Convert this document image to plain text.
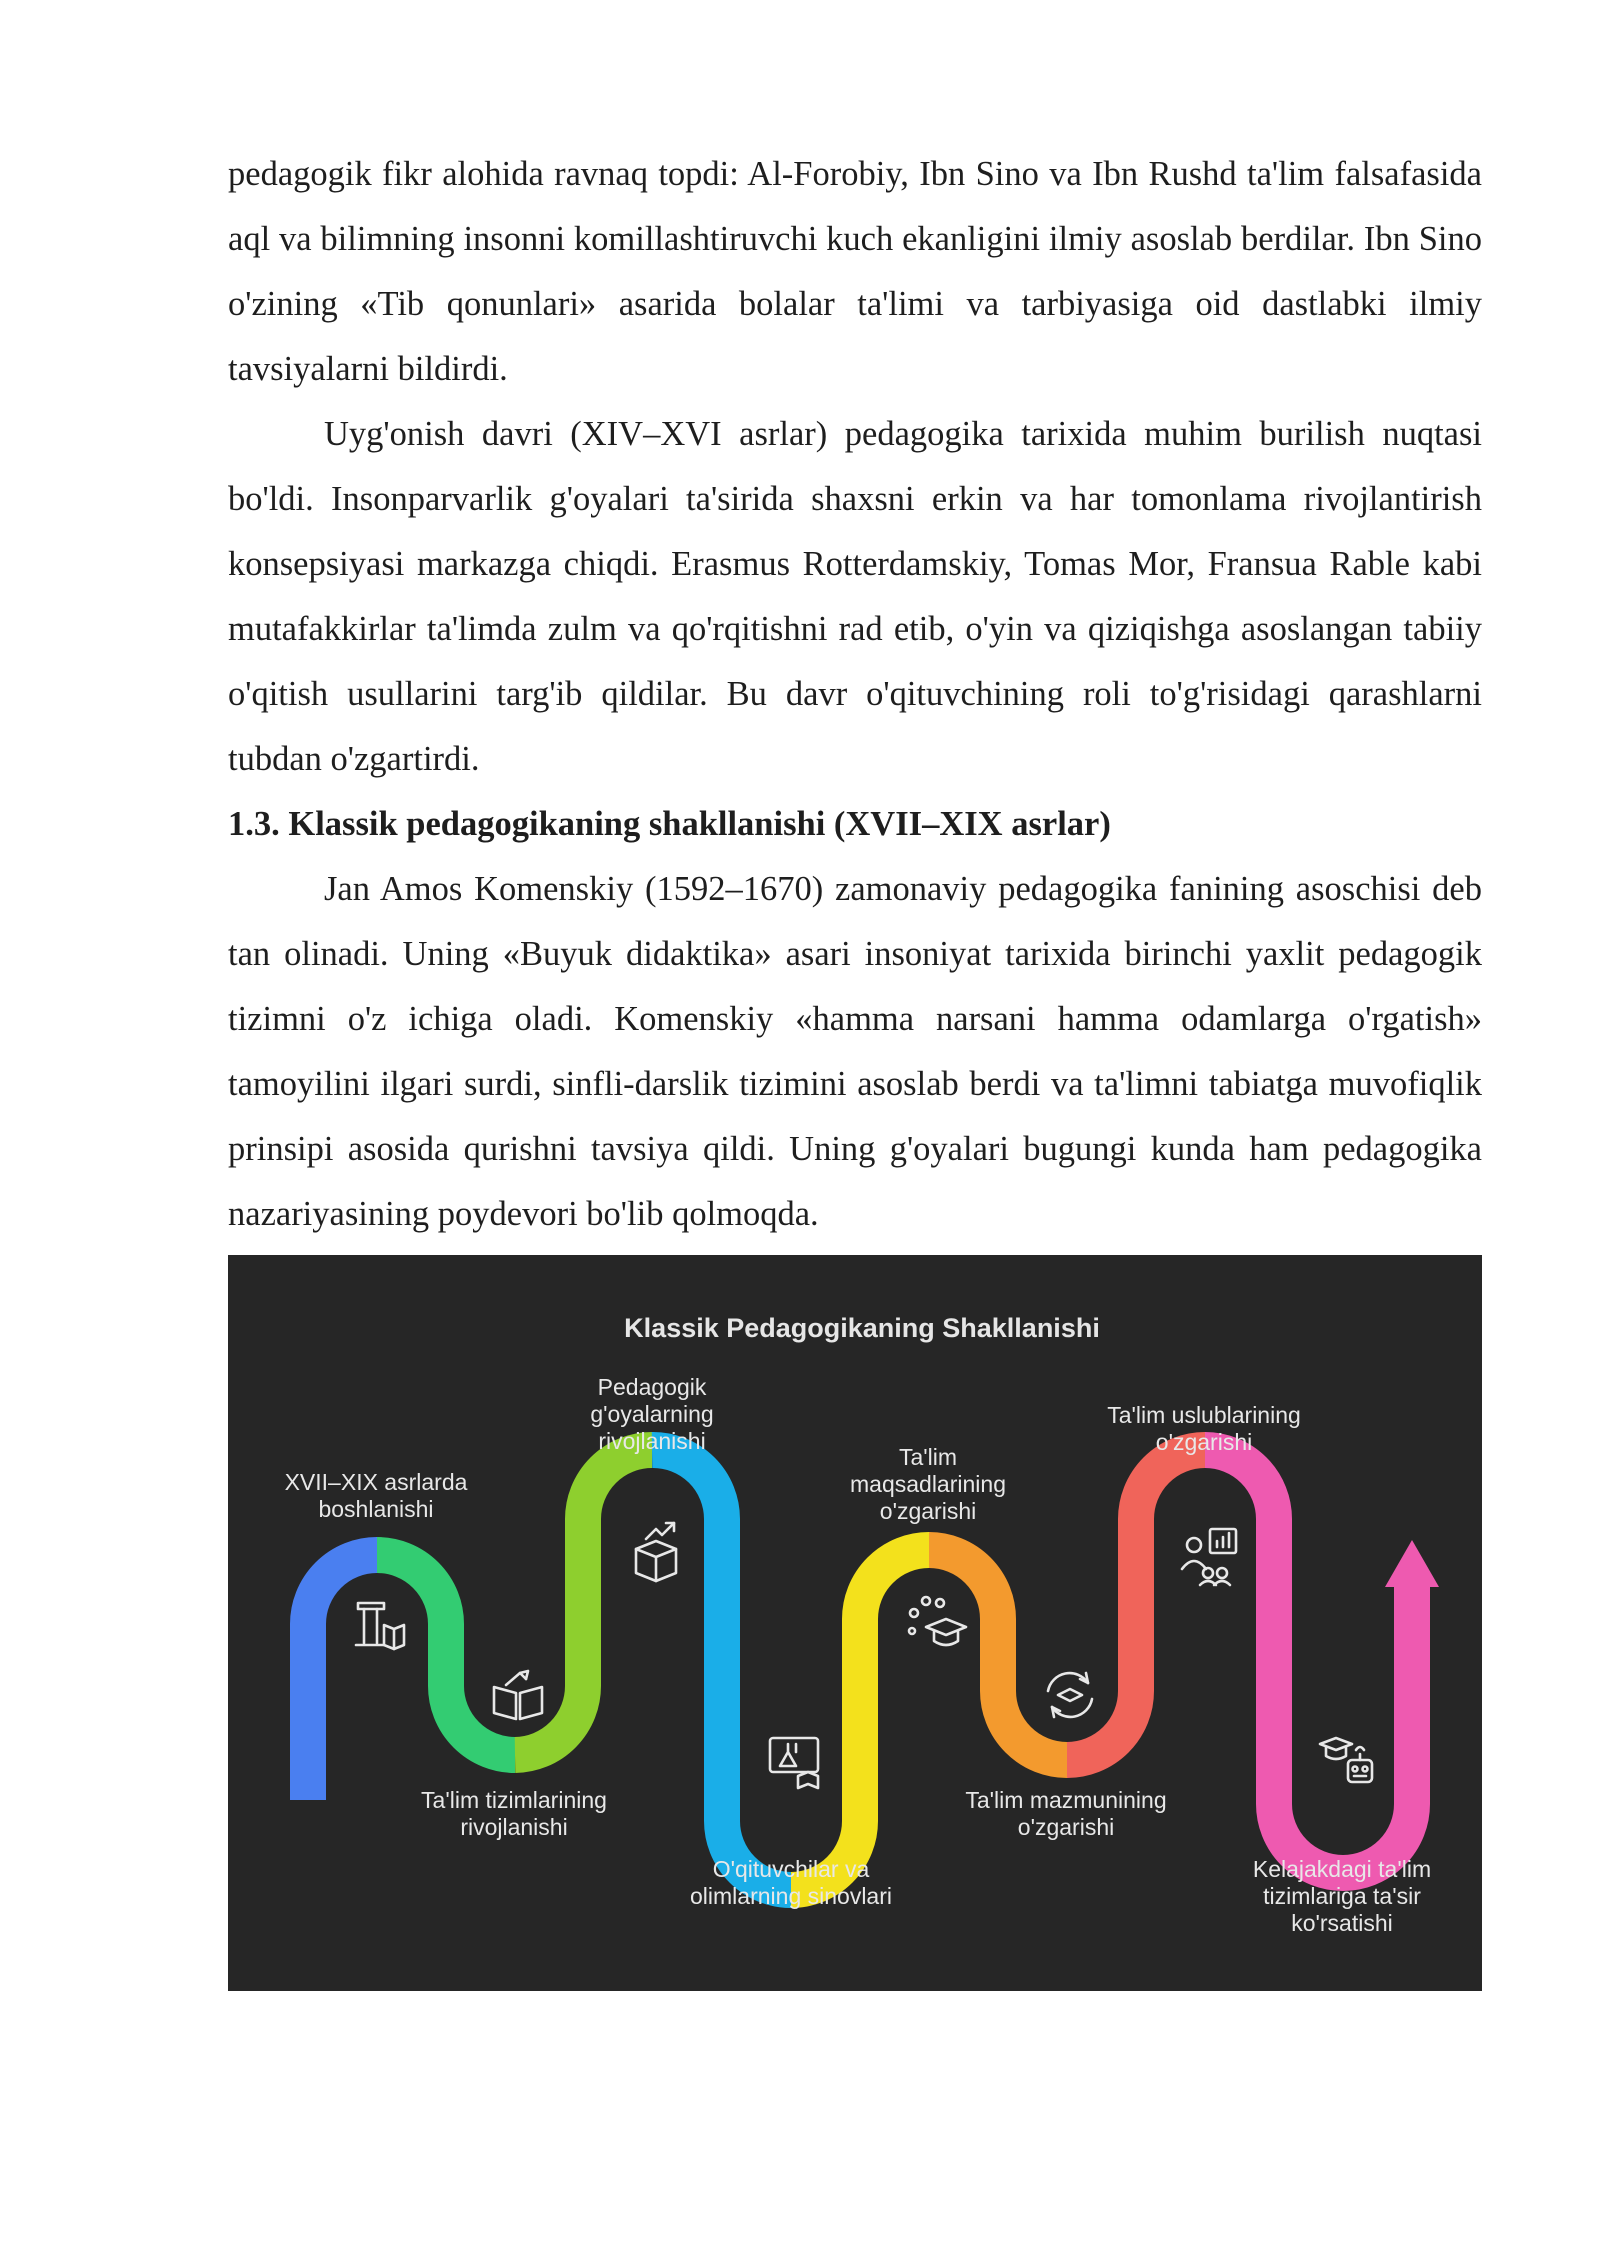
pedagogik fikr alohida ravnaq topdi: Al-Forobiy, Ibn Sino va Ibn Rushd ta'lim falsafasida aql va bilimning insonni komillashtiruvchi kuch ekanligini ilmiy asoslab berdilar. Ibn Sino o'zining «Tib qonunlari» asarida bolalar ta'limi va tarbiyasiga oid dastlabki ilmiy tavsiyalarni bildirdi.

Uyg'onish davri (XIV–XVI asrlar) pedagogika tarixida muhim burilish nuqtasi bo'ldi. Insonparvarlik g'oyalari ta'sirida shaxsni erkin va har tomonlama rivojlantirish konsepsiyasi markazga chiqdi. Erasmus Rotterdamskiy, Tomas Mor, Fransua Rable kabi mutafakkirlar ta'limda zulm va qo'rqitishni rad etib, o'yin va qiziqishga asoslangan tabiiy o'qitish usullarini targ'ib qildilar. Bu davr o'qituvchining roli to'g'risidagi qarashlarni tubdan o'zgartirdi.

1.3. Klassik pedagogikaning shakllanishi (XVII–XIX asrlar)

Jan Amos Komenskiy (1592–1670) zamonaviy pedagogika fanining asoschisi deb tan olinadi. Uning «Buyuk didaktika» asari insoniyat tarixida birinchi yaxlit pedagogik tizimni o'z ichiga oladi. Komenskiy «hamma narsani hamma odamlarga o'rgatish» tamoyilini ilgari surdi, sinfli-darslik tizimini asoslab berdi va ta'limni tabiatga muvofiqlik prinsipi asosida qurishni tavsiya qildi. Uning g'oyalari bugungi kunda ham pedagogika nazariyasining poydevori bo'lib qolmoqda.

Klassik Pedagogikaning Shakllanishi
XVII–XIX asrlarda boshlanishi
Ta'lim tizimlarining rivojlanishi
Pedagogik g'oyalarning rivojlanishi
O'qituvchilar va olimlarning sinovlari
Ta'lim maqsadlarining o'zgarishi
Ta'lim mazmunining o'zgarishi
Ta'lim uslublarining o'zgarishi
Kelajakdagi ta'lim tizimlariga ta'sir ko'rsatishi
